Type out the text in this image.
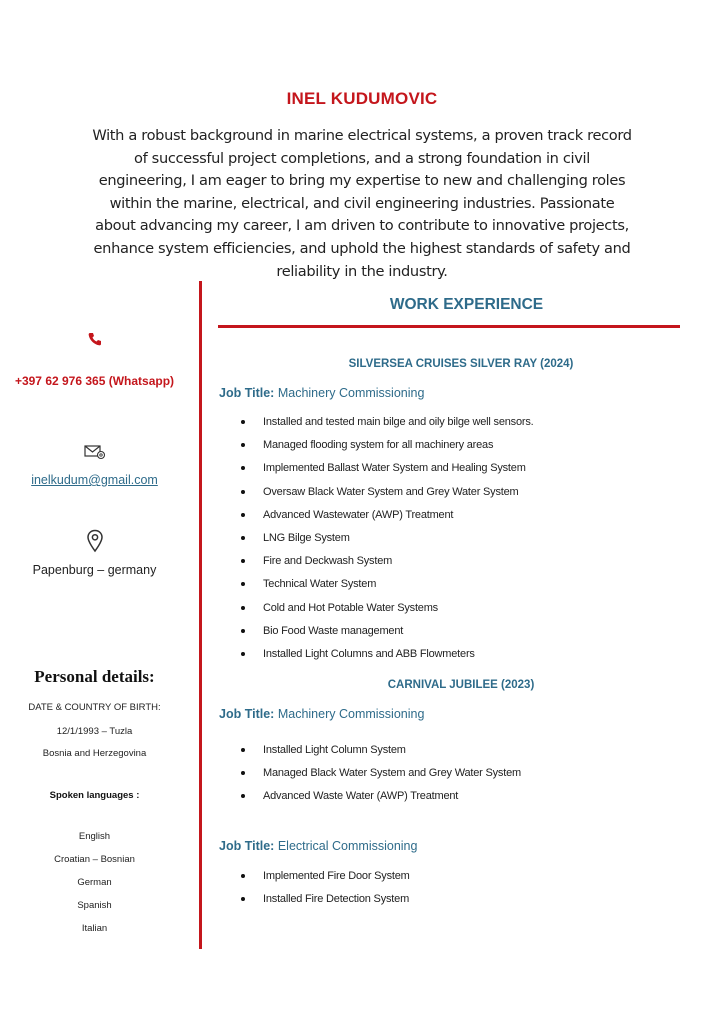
INEL KUDUMOVIC
With a robust background in marine electrical systems, a proven track record of successful project completions, and a strong foundation in civil engineering, I am eager to bring my expertise to new and challenging roles within the marine, electrical, and civil engineering industries. Passionate about advancing my career, I am driven to contribute to innovative projects, enhance system efficiencies, and uphold the highest standards of safety and reliability in the industry.
+397 62 976 365 (Whatsapp)
inelkudum@gmail.com
Papenburg – germany
Personal details:
DATE & COUNTRY OF BIRTH:
12/1/1993 – Tuzla
Bosnia and Herzegovina
Spoken languages :
English
Croatian – Bosnian
German
Spanish
Italian
WORK EXPERIENCE
SILVERSEA CRUISES SILVER RAY (2024)
Job Title: Machinery Commissioning
Installed and tested main bilge and oily bilge well sensors.
Managed flooding system for all machinery areas
Implemented Ballast Water System and Healing System
Oversaw Black Water System and Grey Water System
Advanced Wastewater (AWP) Treatment
LNG Bilge System
Fire and Deckwash System
Technical Water System
Cold and Hot Potable Water Systems
Bio Food Waste management
Installed Light Columns and ABB Flowmeters
CARNIVAL JUBILEE (2023)
Job Title: Machinery Commissioning
Installed Light Column System
Managed Black Water System and Grey Water System
Advanced Waste Water (AWP) Treatment
Job Title: Electrical Commissioning
Implemented Fire Door System
Installed Fire Detection System
